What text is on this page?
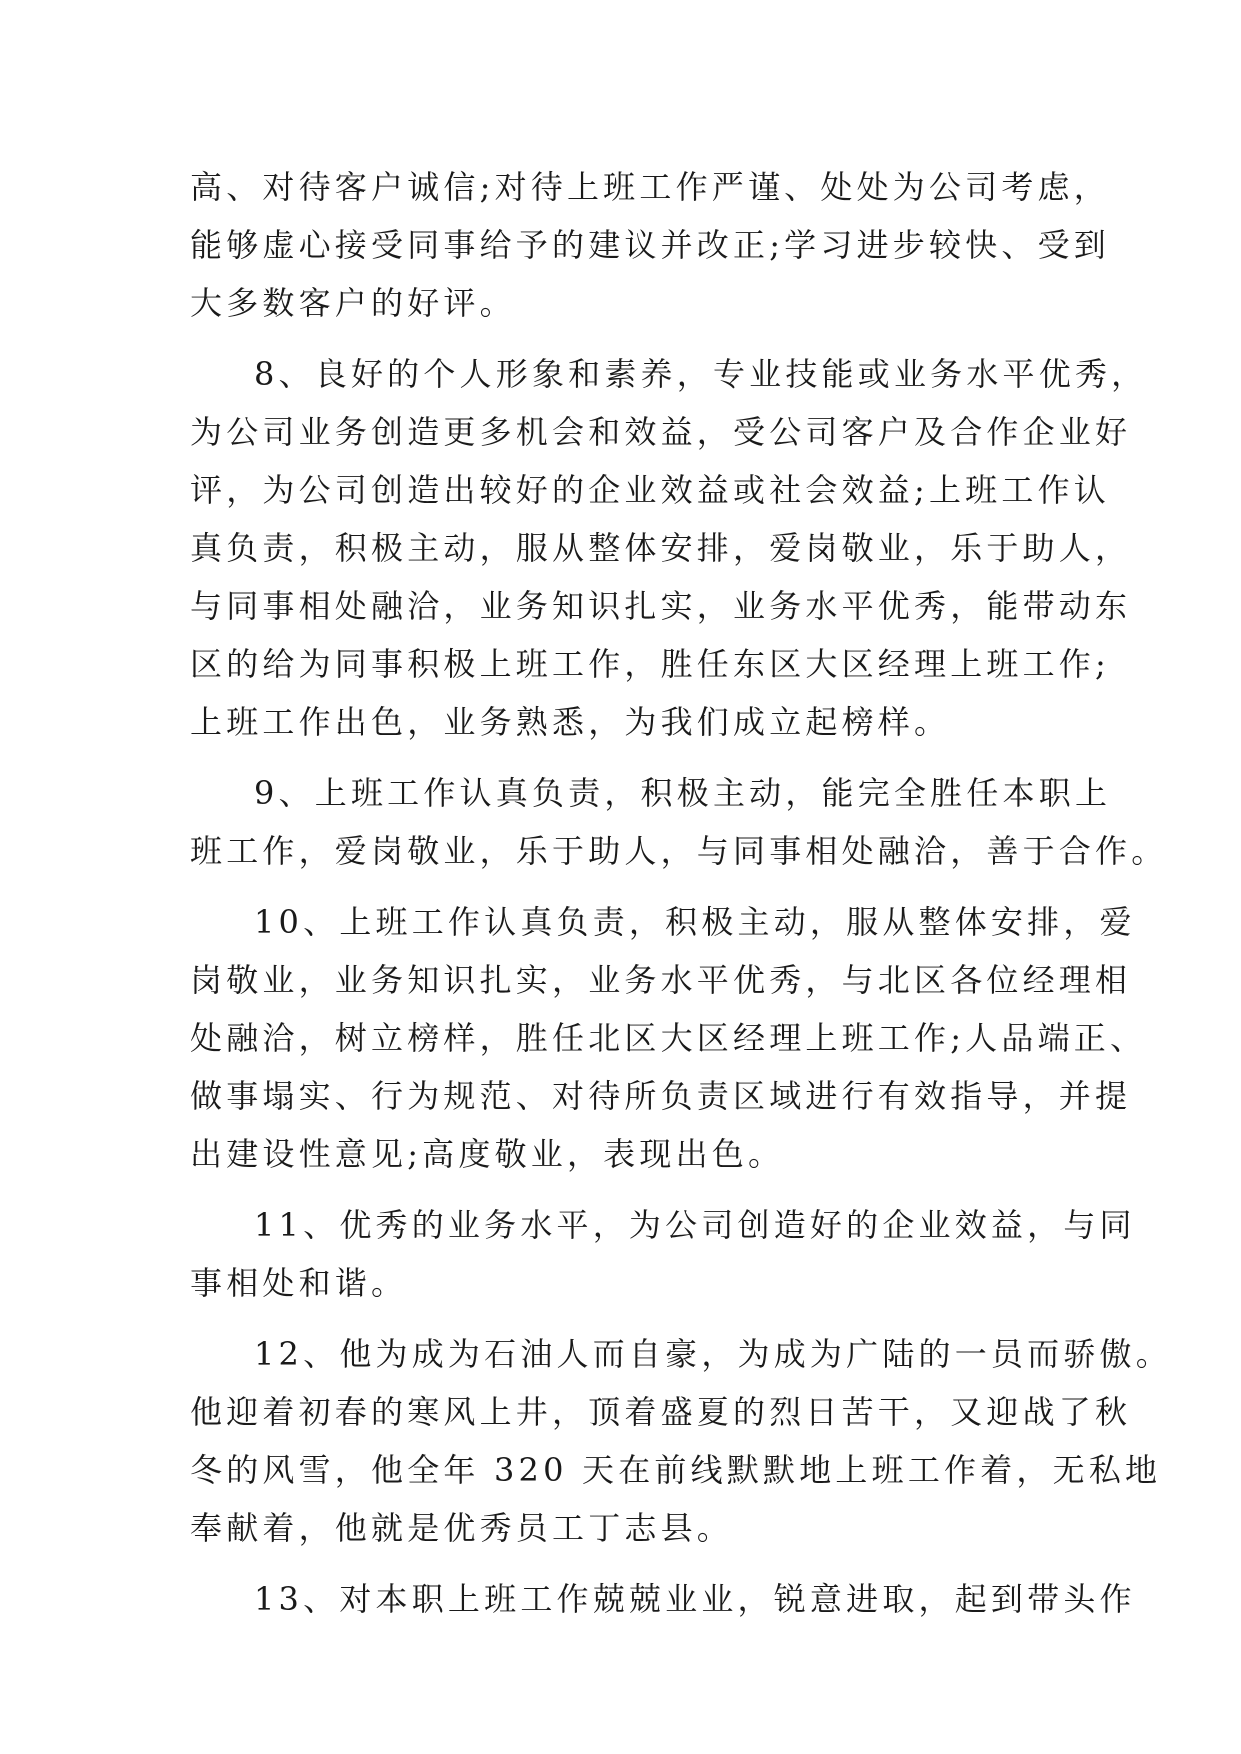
高、对待客户诚信;对待上班工作严谨、处处为公司考虑，
能够虚心接受同事给予的建议并改正;学习进步较快、受到
大多数客户的好评。
8、良好的个人形象和素养，专业技能或业务水平优秀，
为公司业务创造更多机会和效益，受公司客户及合作企业好
评，为公司创造出较好的企业效益或社会效益;上班工作认
真负责，积极主动，服从整体安排，爱岗敬业，乐于助人，
与同事相处融洽，业务知识扎实，业务水平优秀，能带动东
区的给为同事积极上班工作，胜任东区大区经理上班工作;
上班工作出色，业务熟悉，为我们成立起榜样。
9、上班工作认真负责，积极主动，能完全胜任本职上
班工作，爱岗敬业，乐于助人，与同事相处融洽，善于合作。
10、上班工作认真负责，积极主动，服从整体安排，爱
岗敬业，业务知识扎实，业务水平优秀，与北区各位经理相
处融洽，树立榜样，胜任北区大区经理上班工作;人品端正、
做事塌实、行为规范、对待所负责区域进行有效指导，并提
出建设性意见;高度敬业，表现出色。
11、优秀的业务水平，为公司创造好的企业效益，与同
事相处和谐。
12、他为成为石油人而自豪，为成为广陆的一员而骄傲。
他迎着初春的寒风上井，顶着盛夏的烈日苦干，又迎战了秋
冬的风雪，他全年 320 天在前线默默地上班工作着，无私地
奉献着，他就是优秀员工丁志县。
13、对本职上班工作兢兢业业，锐意进取，起到带头作
